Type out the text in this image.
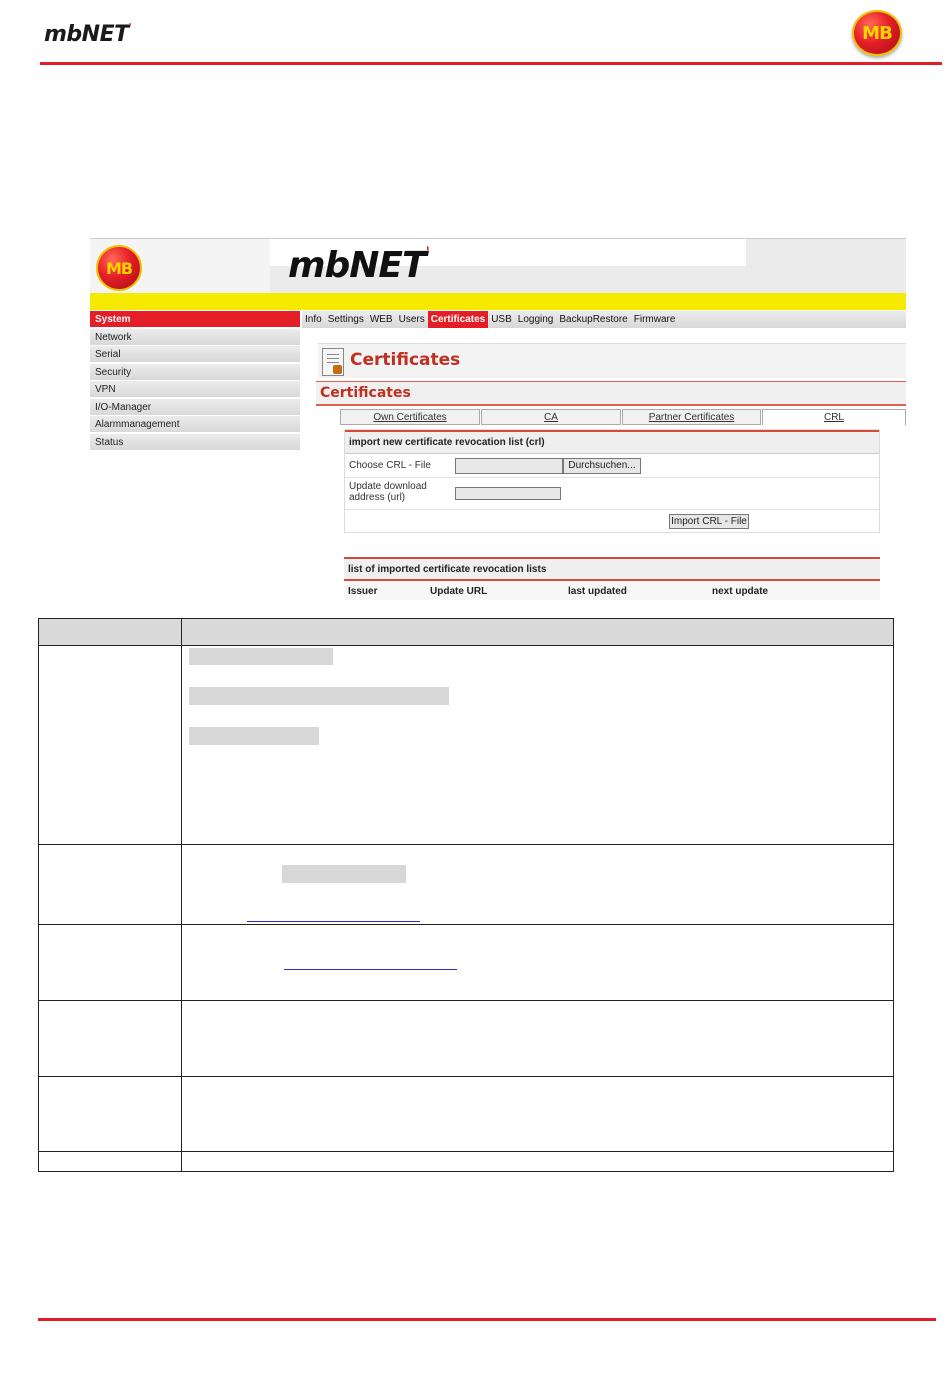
mbNET'	MB
MB	mbNET'
System
Network
Serial
Security
VPN
I/O-Manager
Alarmmanagement
Status
Info Settings WEB Users Certificates USB Logging BackupRestore Firmware
Certificates
Certificates
Own Certificates	CA	Partner Certificates	CRL
import new certificate revocation list (crl)
Choose CRL - File	Durchsuchen...
Update download
address (url)
Import CRL - File
list of imported certificate revocation lists
Issuer	Update URL	last updated	next update
